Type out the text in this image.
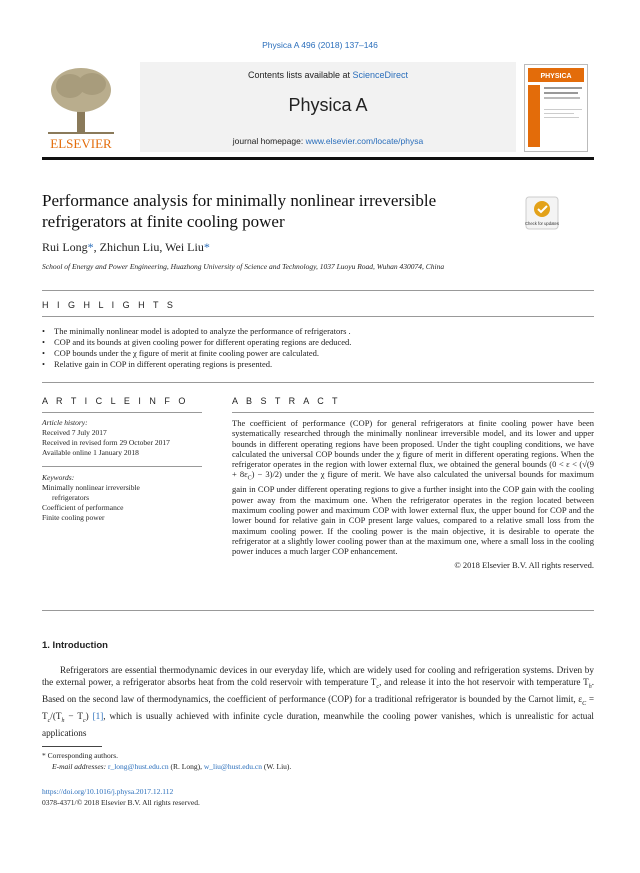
Physica A 496 (2018) 137–146
ELSEVIER
Contents lists available at ScienceDirect
Physica A
journal homepage: www.elsevier.com/locate/physa
PHYSICA
Performance analysis for minimally nonlinear irreversible refrigerators at finite cooling power	Check for updates
Rui Long*, Zhichun Liu, Wei Liu*
School of Energy and Power Engineering, Huazhong University of Science and Technology, 1037 Luoyu Road, Wuhan 430074, China
H I G H L I G H T S
• The minimally nonlinear model is adopted to analyze the performance of refrigerators .
• COP and its bounds at given cooling power for different operating regions are deduced.
• COP bounds under the χ figure of merit at finite cooling power are calculated.
• Relative gain in COP in different operating regions is presented.
A R T I C L E I N F O	A B S T R A C T
Article history:
Received 7 July 2017
Received in revised form 29 October 2017
Available online 1 January 2018
Keywords:
Minimally nonlinear irreversible
refrigerators
Coefficient of performance
Finite cooling power
The coefficient of performance (COP) for general refrigerators at finite cooling power have been systematically researched through the minimally nonlinear irreversible model, and its lower and upper bounds in different operating regions have been proposed. Under the tight coupling conditions, we have calculated the universal COP bounds under the χ figure of merit in different operating regions. When the refrigerator operates in the region with lower external flux, we obtained the general bounds $(0 < \varepsilon < (√(9 + 8\varepsilon_C) - 3)/2)$ under the χ figure of merit. We have also calculated the universal bounds for maximum gain in COP under different operating regions to give a further insight into the COP gain with the cooling power away from the maximum one. When the refrigerator operates in the region located between maximum cooling power and maximum COP with lower external flux, the upper bound for COP and the lower bound for relative gain in COP present large values, compared to a relative small loss from the maximum cooling power. If the cooling power is the main objective, it is desirable to operate the refrigerator at a slightly lower cooling power than at the maximum one, where a small loss in the cooling power induces a much larger COP enhancement.
© 2018 Elsevier B.V. All rights reserved.
1. Introduction
Refrigerators are essential thermodynamic devices in our everyday life, which are widely used for cooling and refrigeration systems. Driven by the external power, a refrigerator absorbs heat from the cold reservoir with temperature $T_c$, and release it into the hot reservoir with temperature $T_h$. Based on the second law of thermodynamics, the coefficient of performance (COP) for a traditional refrigerator is bounded by the Carnot limit, $\varepsilon_C = T_c/(T_h - T_c)$ [1], which is usually achieved with infinite cycle duration, meanwhile the cooling power vanishes, which is unrealistic for actual applications
* Corresponding authors.
E-mail addresses: r_long@hust.edu.cn (R. Long), w_liu@hust.edu.cn (W. Liu).
https://doi.org/10.1016/j.physa.2017.12.112
0378-4371/© 2018 Elsevier B.V. All rights reserved.
